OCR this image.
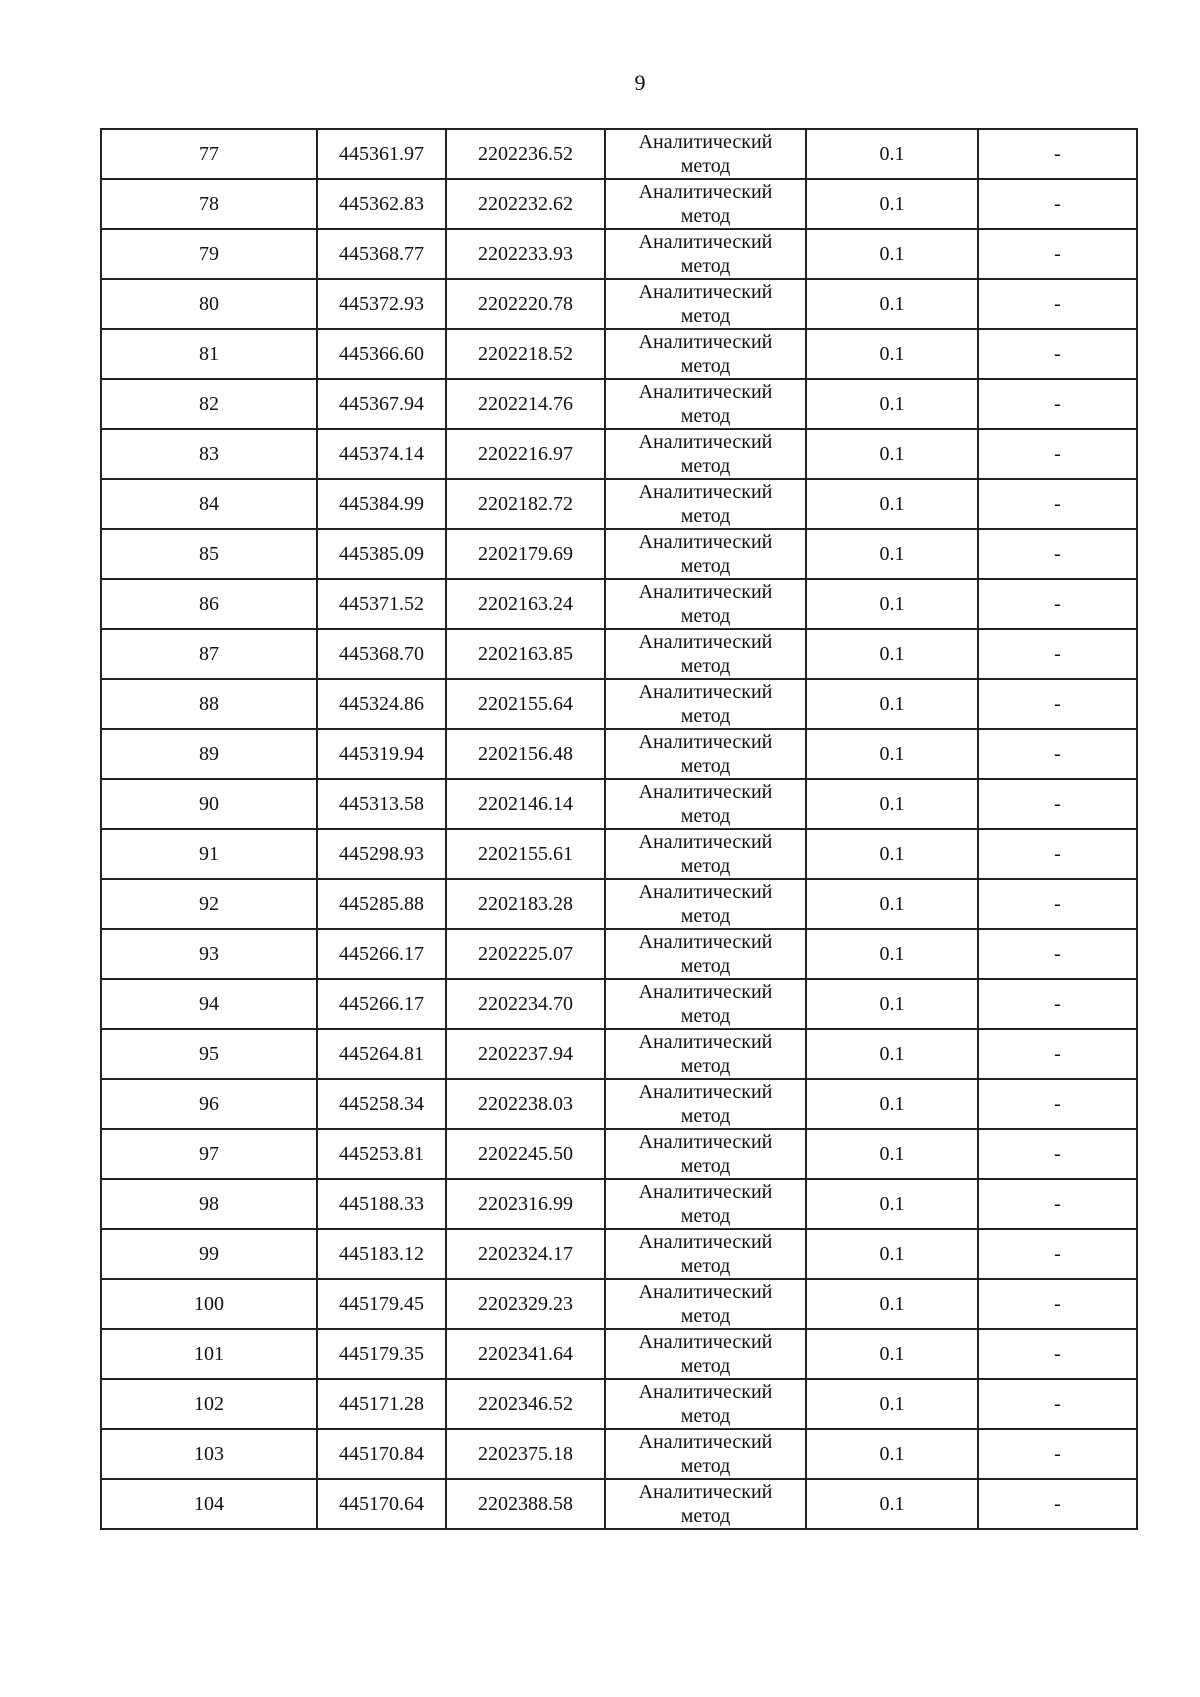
9
77	445361.97	2202236.52	Аналитический
метод	0.1	-
78	445362.83	2202232.62	Аналитический
метод	0.1	-
79	445368.77	2202233.93	Аналитический
метод	0.1	-
80	445372.93	2202220.78	Аналитический
метод	0.1	-
81	445366.60	2202218.52	Аналитический
метод	0.1	-
82	445367.94	2202214.76	Аналитический
метод	0.1	-
83	445374.14	2202216.97	Аналитический
метод	0.1	-
84	445384.99	2202182.72	Аналитический
метод	0.1	-
85	445385.09	2202179.69	Аналитический
метод	0.1	-
86	445371.52	2202163.24	Аналитический
метод	0.1	-
87	445368.70	2202163.85	Аналитический
метод	0.1	-
88	445324.86	2202155.64	Аналитический
метод	0.1	-
89	445319.94	2202156.48	Аналитический
метод	0.1	-
90	445313.58	2202146.14	Аналитический
метод	0.1	-
91	445298.93	2202155.61	Аналитический
метод	0.1	-
92	445285.88	2202183.28	Аналитический
метод	0.1	-
93	445266.17	2202225.07	Аналитический
метод	0.1	-
94	445266.17	2202234.70	Аналитический
метод	0.1	-
95	445264.81	2202237.94	Аналитический
метод	0.1	-
96	445258.34	2202238.03	Аналитический
метод	0.1	-
97	445253.81	2202245.50	Аналитический
метод	0.1	-
98	445188.33	2202316.99	Аналитический
метод	0.1	-
99	445183.12	2202324.17	Аналитический
метод	0.1	-
100	445179.45	2202329.23	Аналитический
метод	0.1	-
101	445179.35	2202341.64	Аналитический
метод	0.1	-
102	445171.28	2202346.52	Аналитический
метод	0.1	-
103	445170.84	2202375.18	Аналитический
метод	0.1	-
104	445170.64	2202388.58	Аналитический
метод	0.1	-
